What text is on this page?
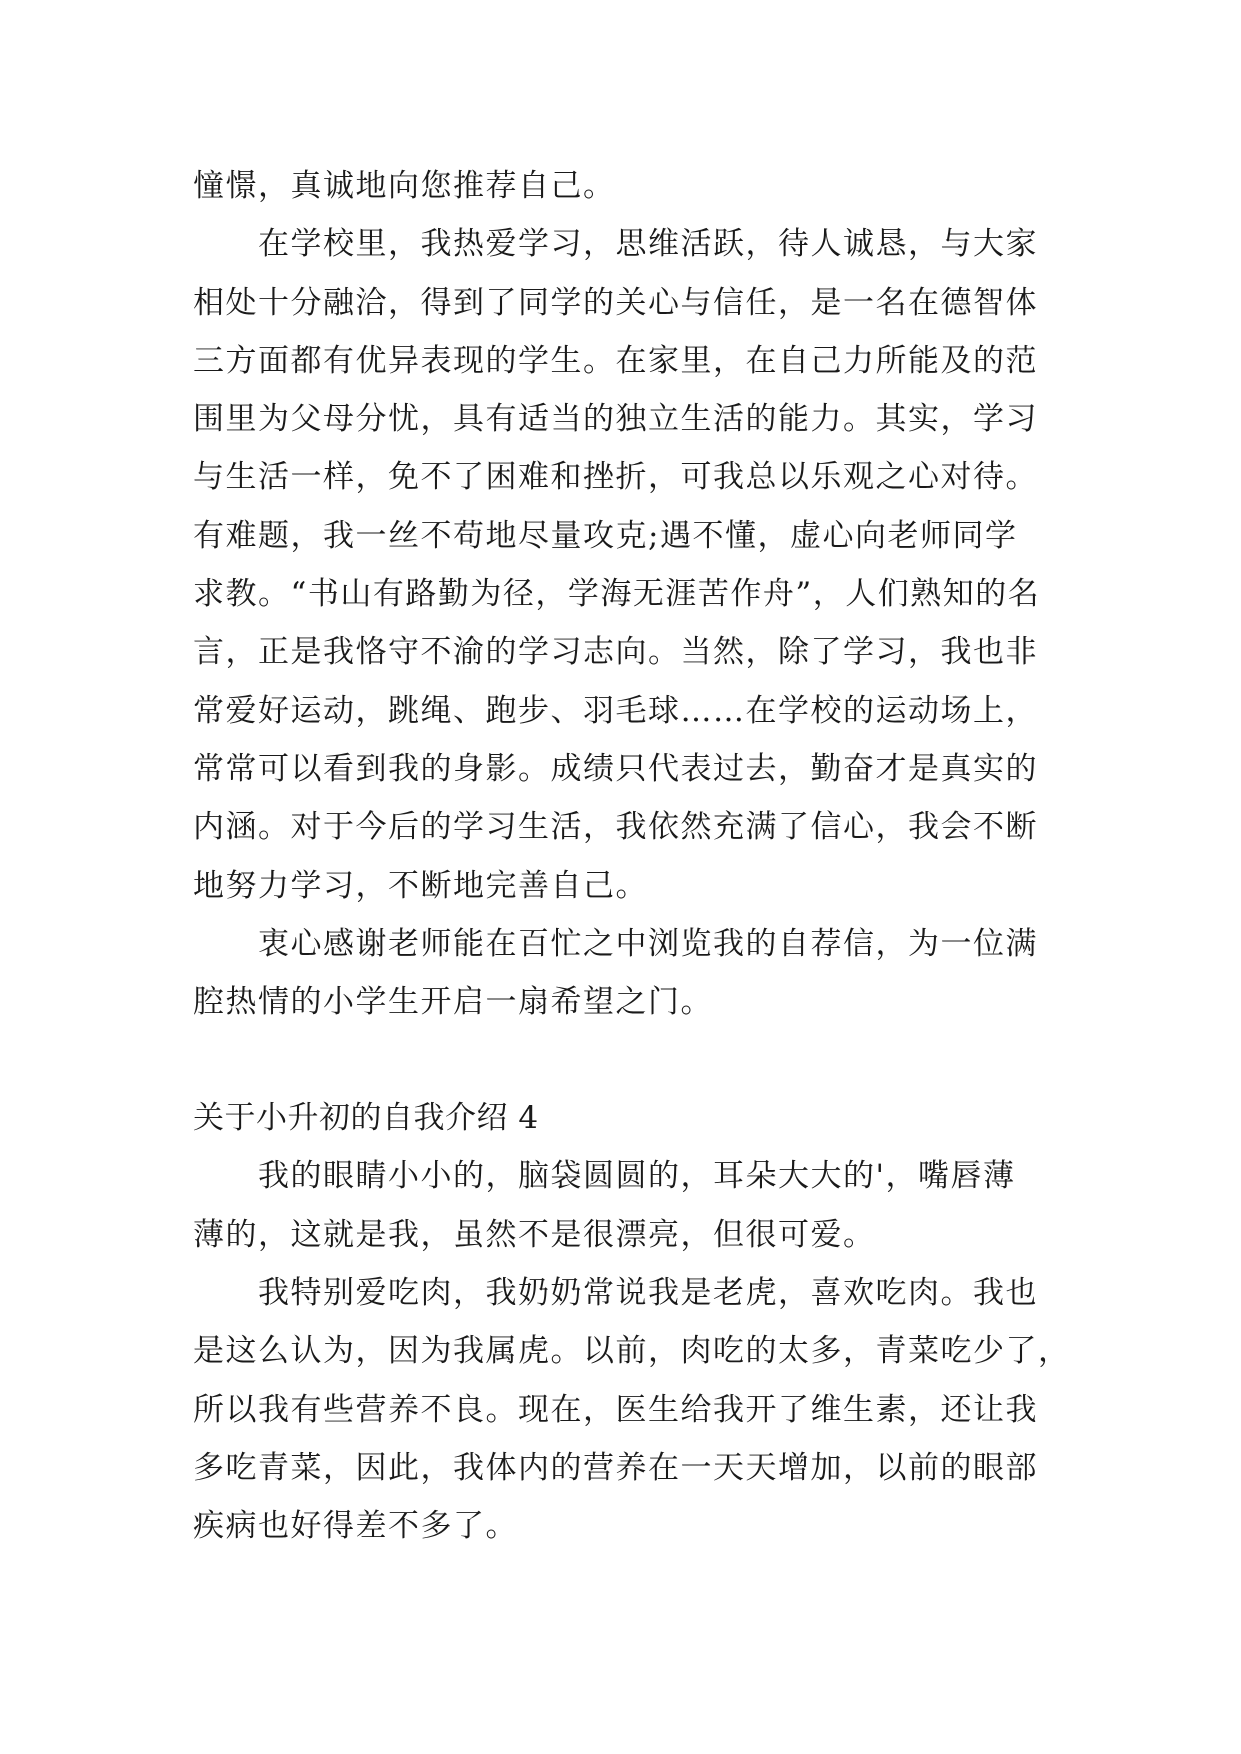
憧憬，真诚地向您推荐自己。
　　在学校里，我热爱学习，思维活跃，待人诚恳，与大家
相处十分融洽，得到了同学的关心与信任，是一名在德智体
三方面都有优异表现的学生。在家里，在自己力所能及的范
围里为父母分忧，具有适当的独立生活的能力。其实，学习
与生活一样，免不了困难和挫折，可我总以乐观之心对待。
有难题，我一丝不苟地尽量攻克;遇不懂，虚心向老师同学
求教。“书山有路勤为径，学海无涯苦作舟”，人们熟知的名
言，正是我恪守不渝的学习志向。当然，除了学习，我也非
常爱好运动，跳绳、跑步、羽毛球……在学校的运动场上，
常常可以看到我的身影。成绩只代表过去，勤奋才是真实的
内涵。对于今后的学习生活，我依然充满了信心，我会不断
地努力学习，不断地完善自己。
　　衷心感谢老师能在百忙之中浏览我的自荐信，为一位满
腔热情的小学生开启一扇希望之门。
关于小升初的自我介绍 4
　　我的眼睛小小的，脑袋圆圆的，耳朵大大的'，嘴唇薄
薄的，这就是我，虽然不是很漂亮，但很可爱。
　　我特别爱吃肉，我奶奶常说我是老虎，喜欢吃肉。我也
是这么认为，因为我属虎。以前，肉吃的太多，青菜吃少了，
所以我有些营养不良。现在，医生给我开了维生素，还让我
多吃青菜，因此，我体内的营养在一天天增加，以前的眼部
疾病也好得差不多了。
